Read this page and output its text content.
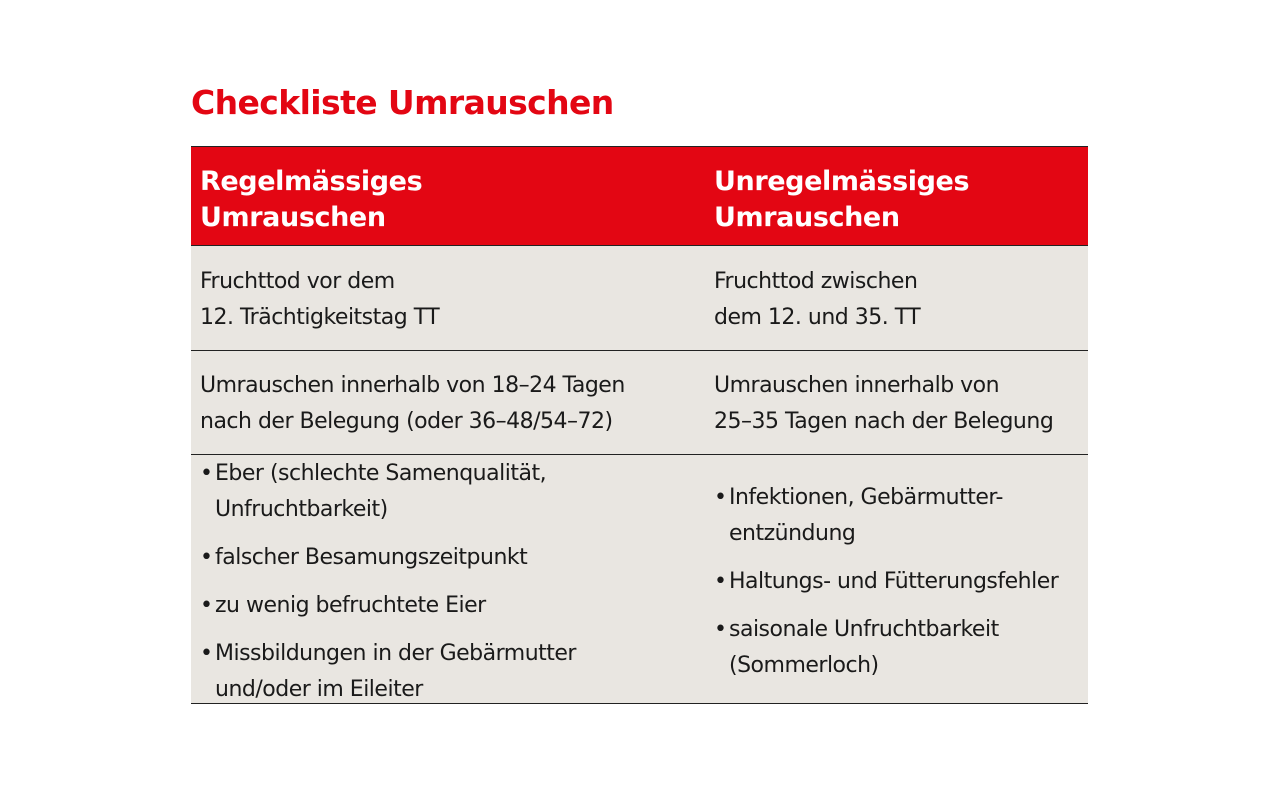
Checkliste Umrauschen
Regelmässiges
Umrauschen
Unregelmässiges
Umrauschen
Fruchttod vor dem
12. Trächtigkeitstag TT
Fruchttod zwischen
dem 12. und 35. TT
Umrauschen innerhalb von 18–24 Tagen
nach der Belegung (oder 36–48/54–72)
Umrauschen innerhalb von
25–35 Tagen nach der Belegung
• Eber (schlechte Samenqualität,
Unfruchtbarkeit)
• falscher Besamungszeitpunkt
• zu wenig befruchtete Eier
• Missbildungen in der Gebärmutter
und/oder im Eileiter
• Infektionen, Gebärmutter-
entzündung
• Haltungs- und Fütterungsfehler
• saisonale Unfruchtbarkeit
(Sommerloch)
